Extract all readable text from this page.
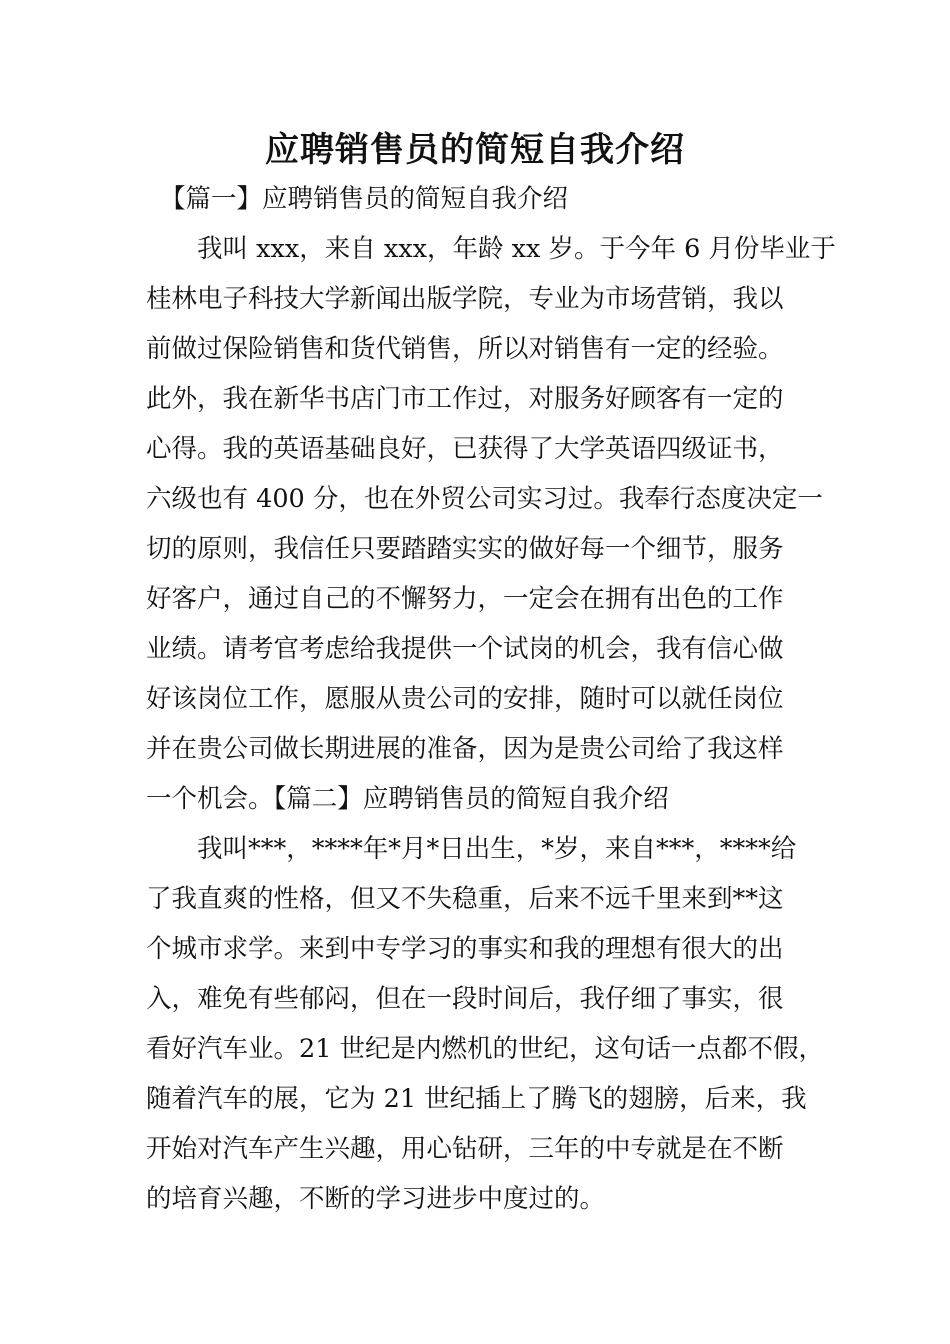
应聘销售员的简短自我介绍
【篇一】应聘销售员的简短自我介绍
我叫 xxx，来自 xxx，年龄 xx 岁。于今年 6 月份毕业于
桂林电子科技大学新闻出版学院，专业为市场营销，我以
前做过保险销售和货代销售，所以对销售有一定的经验。
此外，我在新华书店门市工作过，对服务好顾客有一定的
心得。我的英语基础良好，已获得了大学英语四级证书，
六级也有 400 分，也在外贸公司实习过。我奉行态度决定一
切的原则，我信任只要踏踏实实的做好每一个细节，服务
好客户，通过自己的不懈努力，一定会在拥有出色的工作
业绩。请考官考虑给我提供一个试岗的机会，我有信心做
好该岗位工作，愿服从贵公司的安排，随时可以就任岗位
并在贵公司做长期进展的准备，因为是贵公司给了我这样
一个机会。【篇二】应聘销售员的简短自我介绍
我叫***，****年*月*日出生，*岁，来自***，****给
了我直爽的性格，但又不失稳重，后来不远千里来到**这
个城市求学。来到中专学习的事实和我的理想有很大的出
入，难免有些郁闷，但在一段时间后，我仔细了事实，很
看好汽车业。21 世纪是内燃机的世纪，这句话一点都不假，
随着汽车的展，它为 21 世纪插上了腾飞的翅膀，后来，我
开始对汽车产生兴趣，用心钻研，三年的中专就是在不断
的培育兴趣，不断的学习进步中度过的。
